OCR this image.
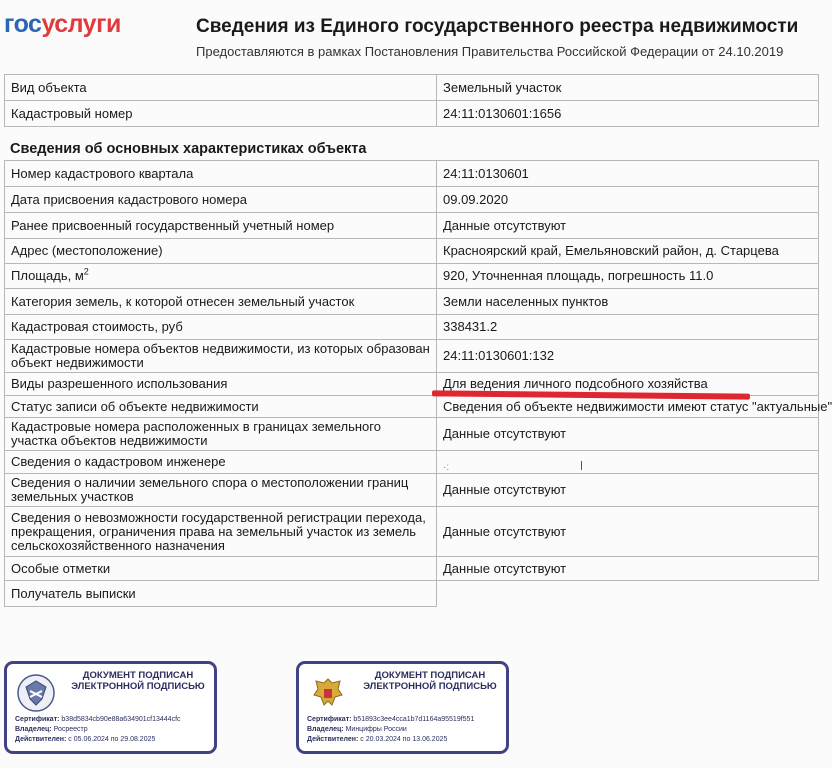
госуслуги	Сведения из Единого государственного реестра недвижимости
Предоставляются в рамках Постановления Правительства Российской Федерации от 24.10.2019
Вид объекта	Земельный участок
Кадастровый номер	24:11:0130601:1656
Сведения об основных характеристиках объекта
Номер кадастрового квартала	24:11:0130601
Дата присвоения кадастрового номера	09.09.2020
Ранее присвоенный государственный учетный номер	Данные отсутствуют
Адрес (местоположение)	Красноярский край, Емельяновский район, д. Старцева
Площадь, $м^2$	920, Уточненная площадь, погрешность 11.0
Категория земель, к которой отнесен земельный участок	Земли населенных пунктов
Кадастровая стоимость, руб	338431.2
Кадастровые номера объектов недвижимости, из которых образован объект недвижимости	24:11:0130601:132
Виды разрешенного использования	Для ведения личного подсобного хозяйства
Статус записи об объекте недвижимости	Сведения об объекте недвижимости имеют статус "актуальные"
Кадастровые номера расположенных в границах земельного участка объектов недвижимости	Данные отсутствуют
Сведения о кадастровом инженере	
Сведения о наличии земельного спора о местоположении границ земельных участков	Данные отсутствуют
Сведения о невозможности государственной регистрации перехода, прекращения, ограничения права на земельный участок из земель сельскохозяйственного назначения	Данные отсутствуют
Особые отметки	Данные отсутствуют
Получатель выписки	
·:
ДОКУМЕНТ ПОДПИСАН ЭЛЕКТРОННОЙ ПОДПИСЬЮ
Сертификат: b38d5834cb90e88a634901cf13444cfc
Владелец: Росреестр
Действителен: с 05.06.2024 по 29.08.2025
ДОКУМЕНТ ПОДПИСАН ЭЛЕКТРОННОЙ ПОДПИСЬЮ
Сертификат: b51893c3ee4cca1b7d1164a95519f551
Владелец: Минцифры России
Действителен: с 20.03.2024 по 13.06.2025
